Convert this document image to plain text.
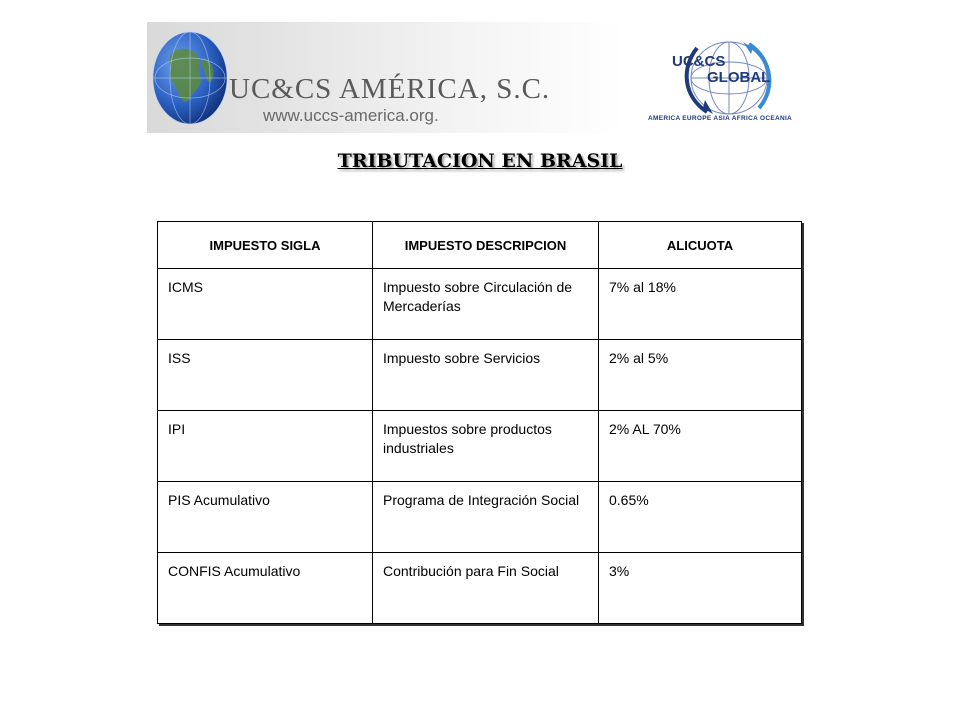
UC&CS AMÉRICA, S.C.
www.uccs-america.org.
UC&CS
GLOBAL
AMERICA EUROPE ASIA AFRICA OCEANIA
TRIBUTACION EN BRASIL
IMPUESTO SIGLA	IMPUESTO DESCRIPCION	ALICUOTA
ICMS	Impuesto sobre Circulación de Mercaderías	7% al 18%
ISS	Impuesto sobre Servicios	2% al 5%
IPI	Impuestos sobre productos industriales	2% AL 70%
PIS Acumulativo	Programa de Integración Social	0.65%
CONFIS Acumulativo	Contribución para Fin Social	3%
